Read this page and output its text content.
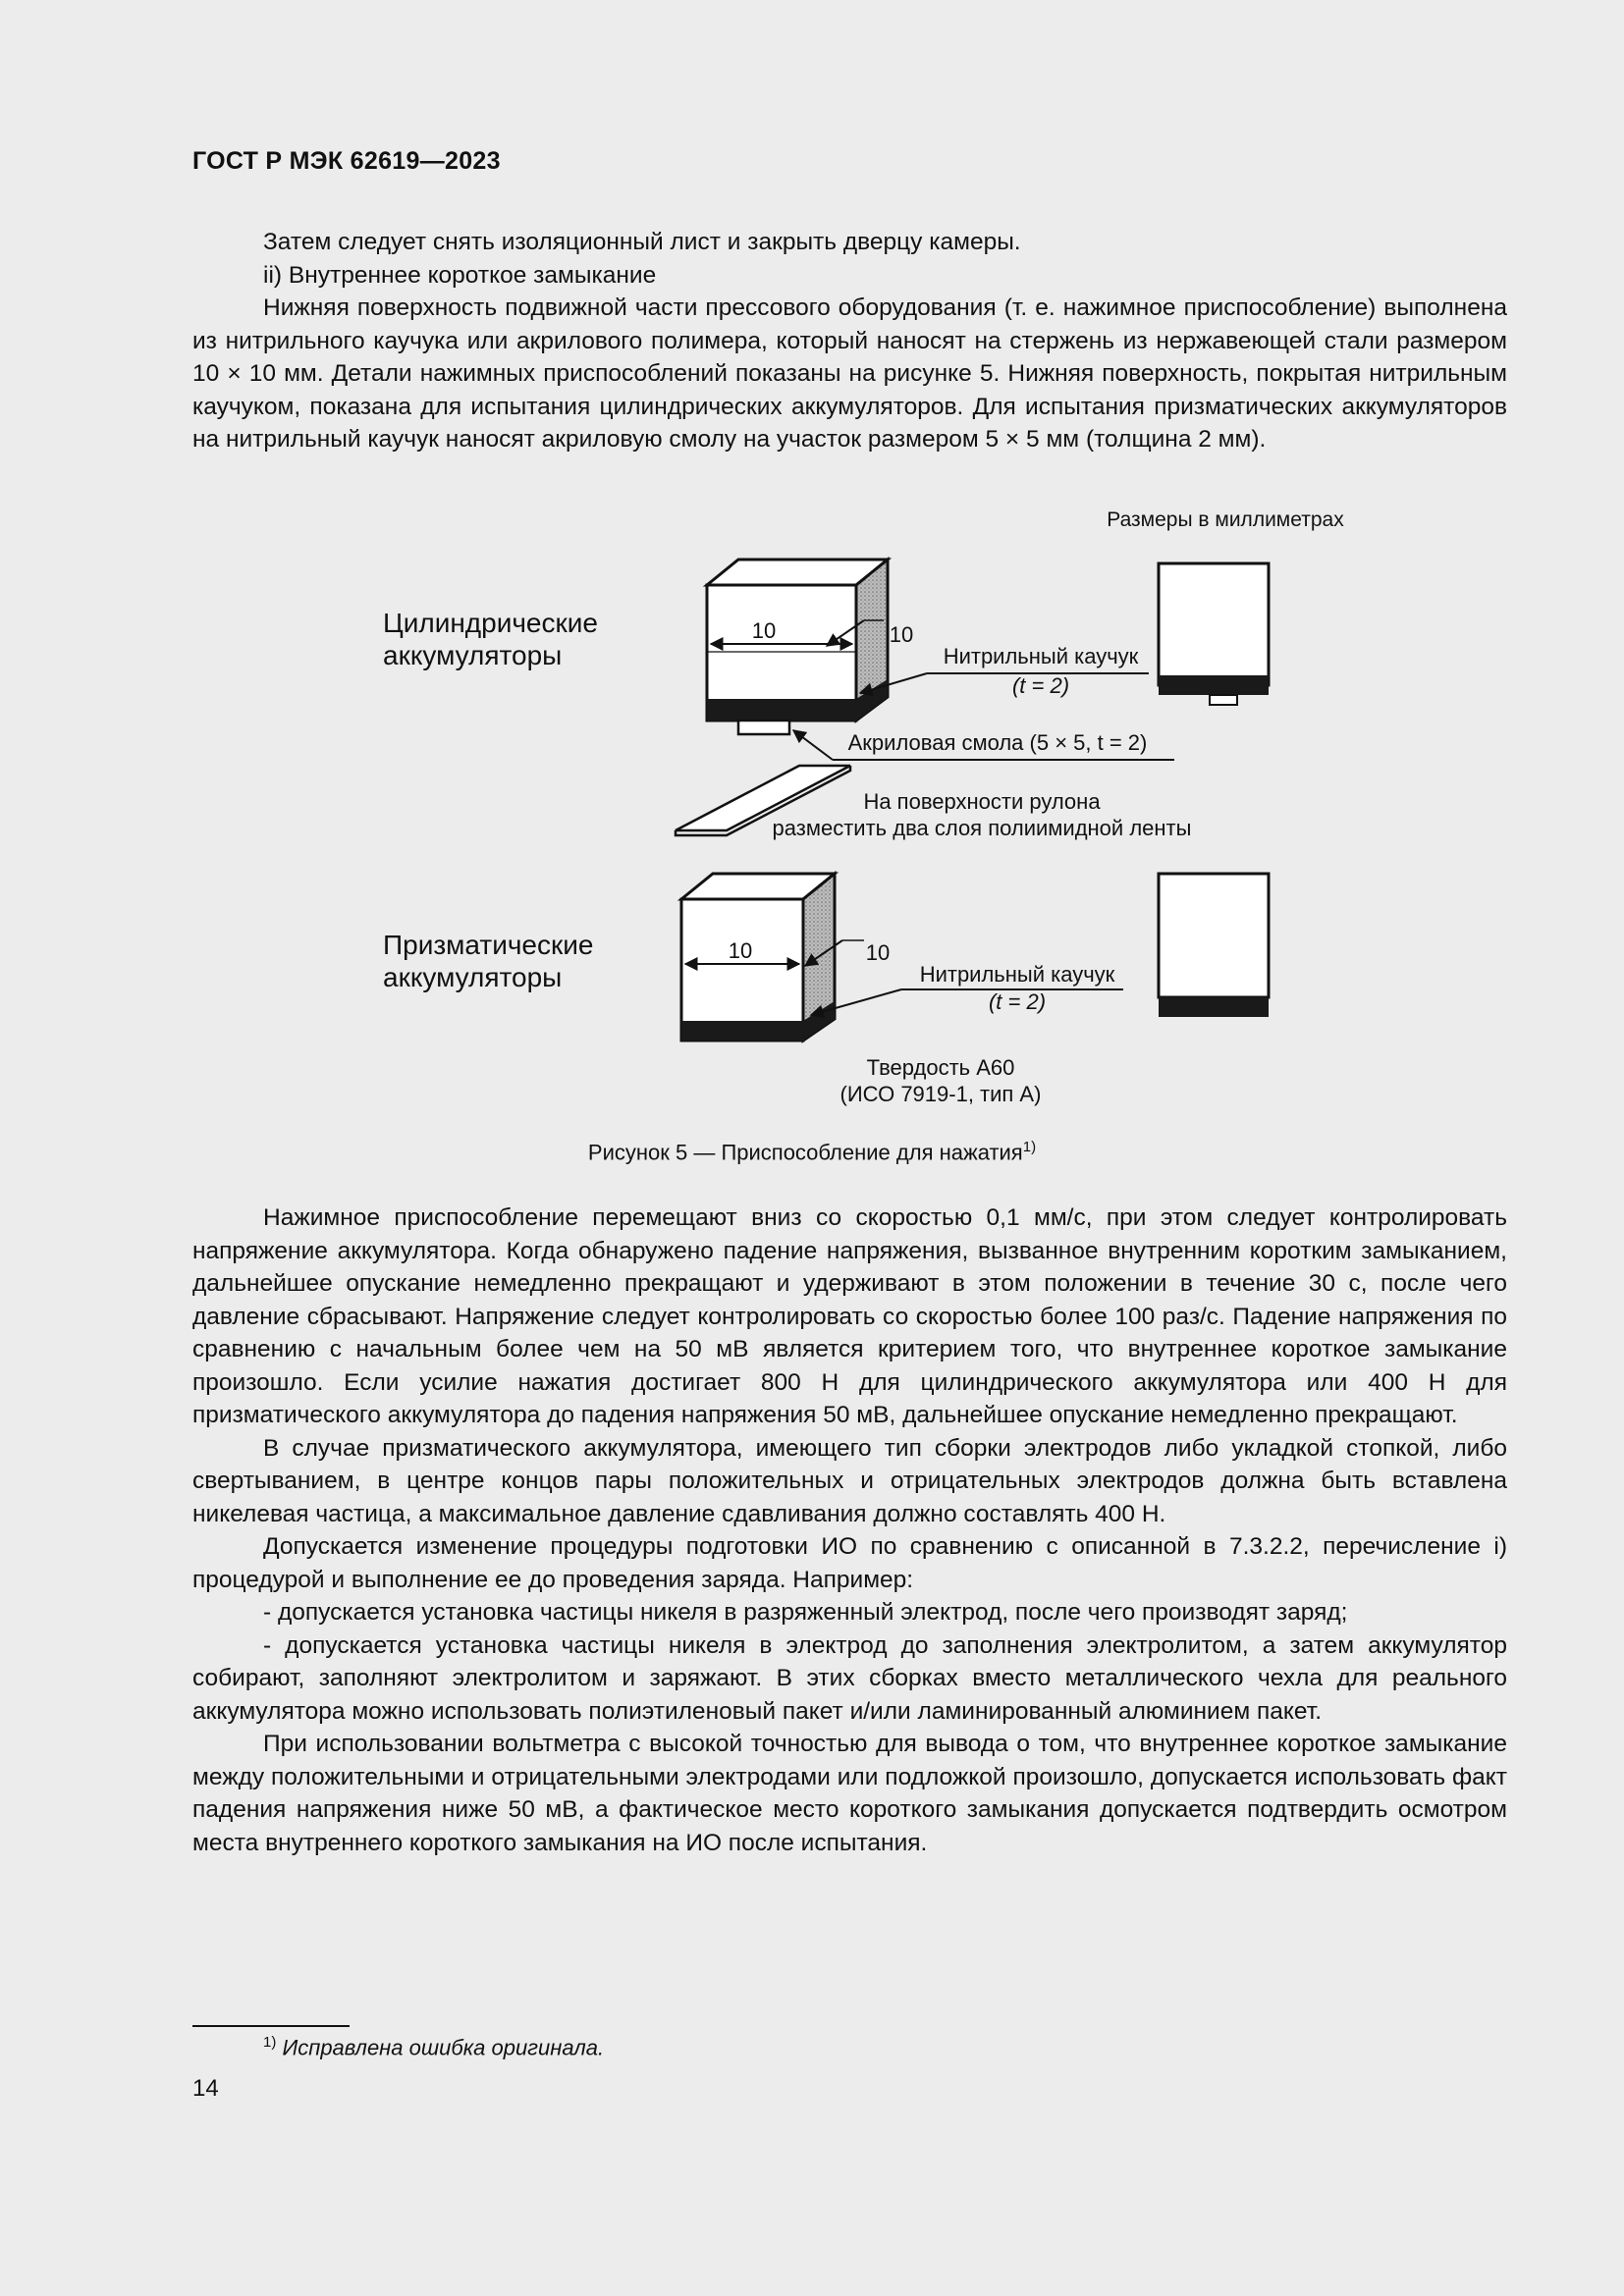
ГОСТ Р МЭК 62619—2023

Затем следует снять изоляционный лист и закрыть дверцу камеры.

ii) Внутреннее короткое замыкание

Нижняя поверхность подвижной части прессового оборудования (т. е. нажимное приспособление) выполнена из нитрильного каучука или акрилового полимера, который наносят на стержень из нержавеющей стали размером 10 × 10 мм. Детали нажимных приспособлений показаны на рисунке 5. Нижняя поверхность, покрытая нитрильным каучуком, показана для испытания цилиндрических аккумуляторов. Для испытания призматических аккумуляторов на нитрильный каучук наносят акриловую смолу на участок размером 5 × 5 мм (толщина 2 мм).

Размеры в миллиметрах
10	10
Нитрильный каучук
(t = 2)
Акриловая смола (5 × 5, t = 2)
Цилиндрические
аккумуляторы
На поверхности рулона
разместить два слоя полиимидной ленты
10	10
Нитрильный каучук
(t = 2)
Призматические
аккумуляторы
Твердость А60
(ИСО 7919-1, тип А)
Рисунок 5 — Приспособление для нажатия$^{1)}$

Нажимное приспособление перемещают вниз со скоростью 0,1 мм/с, при этом следует контролировать напряжение аккумулятора. Когда обнаружено падение напряжения, вызванное внутренним коротким замыканием, дальнейшее опускание немедленно прекращают и удерживают в этом положении в течение 30 с, после чего давление сбрасывают. Напряжение следует контролировать со скоростью более 100 раз/с. Падение напряжения по сравнению с начальным более чем на 50 мВ является критерием того, что внутреннее короткое замыкание произошло. Если усилие нажатия достигает 800 Н для цилиндрического аккумулятора или 400 Н для призматического аккумулятора до падения напряжения 50 мВ, дальнейшее опускание немедленно прекращают.

В случае призматического аккумулятора, имеющего тип сборки электродов либо укладкой стопкой, либо свертыванием, в центре концов пары положительных и отрицательных электродов должна быть вставлена никелевая частица, а максимальное давление сдавливания должно составлять 400 Н.

Допускается изменение процедуры подготовки ИО по сравнению с описанной в 7.3.2.2, перечисление i) процедурой и выполнение ее до проведения заряда. Например:

- допускается установка частицы никеля в разряженный электрод, после чего производят заряд;

- допускается установка частицы никеля в электрод до заполнения электролитом, а затем аккумулятор собирают, заполняют электролитом и заряжают. В этих сборках вместо металлического чехла для реального аккумулятора можно использовать полиэтиленовый пакет и/или ламинированный алюминием пакет.

При использовании вольтметра с высокой точностью для вывода о том, что внутреннее короткое замыкание между положительными и отрицательными электродами или подложкой произошло, допускается использовать факт падения напряжения ниже 50 мВ, а фактическое место короткого замыкания допускается подтвердить осмотром места внутреннего короткого замыкания на ИО после испытания.

$^{1)}$ Исправлена ошибка оригинала.
14
